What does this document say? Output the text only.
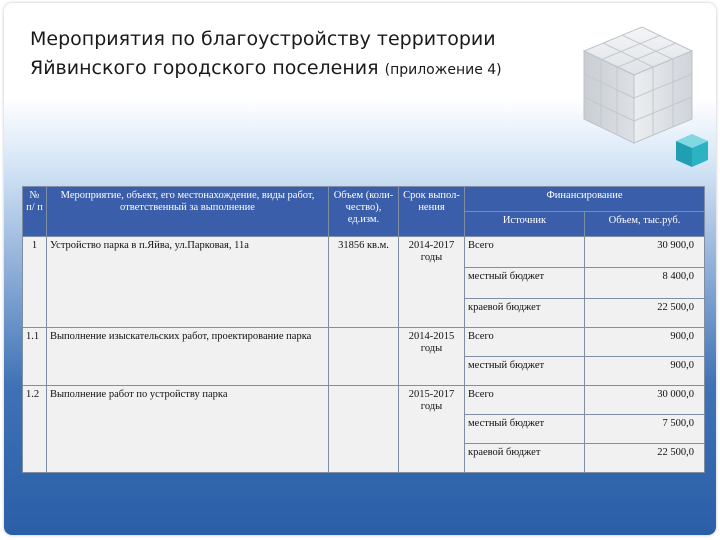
Мероприятия по благоустройству территории
Яйвинского городского поселения (приложение 4)
№ п/ п	Мероприятие, объект, его местонахождение, виды работ, ответственный за выполнение	Объем (коли-чество), ед.изм.	Срок выпол-нения	Финансирование	
				Источник	Объем, тыс.руб.
1	Устройство парка в п.Яйва, ул.Парковая, 11а	31856 кв.м.	2014-2017 годы	Всего	30 900,0
				местный бюджет	8 400,0
				краевой бюджет	22 500,0
1.1	Выполнение изыскательских работ, проектирование парка		2014-2015 годы	Всего	900,0
				местный бюджет	900,0
1.2	Выполнение работ по устройству парка		2015-2017 годы	Всего	30 000,0
				местный бюджет	7 500,0
				краевой бюджет	22 500,0
